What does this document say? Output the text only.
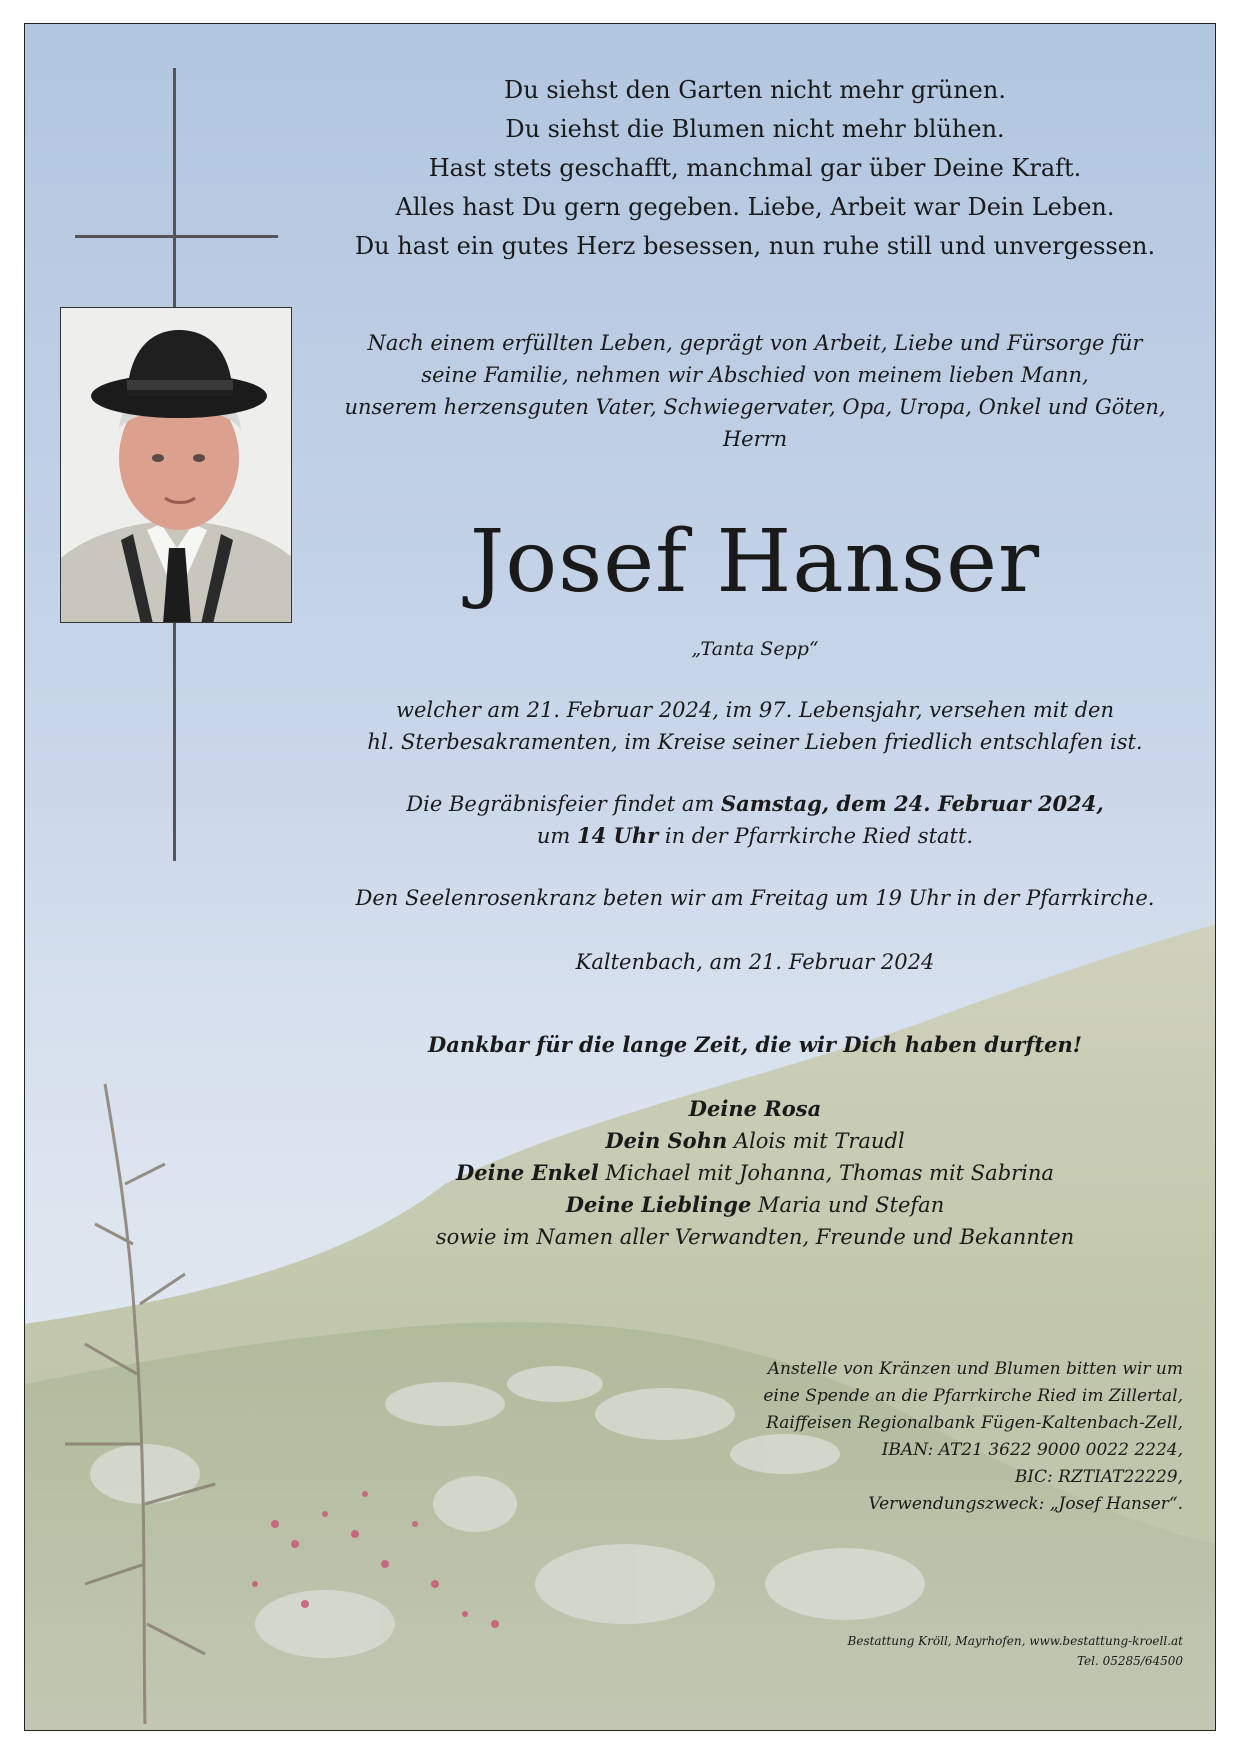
Du siehst den Garten nicht mehr grünen.
Du siehst die Blumen nicht mehr blühen.
Hast stets geschafft, manchmal gar über Deine Kraft.
Alles hast Du gern gegeben. Liebe, Arbeit war Dein Leben.
Du hast ein gutes Herz besessen, nun ruhe still und unvergessen.
Nach einem erfüllten Leben, geprägt von Arbeit, Liebe und Fürsorge für
seine Familie, nehmen wir Abschied von meinem lieben Mann,
unserem herzensguten Vater, Schwiegervater, Opa, Uropa, Onkel und Göten,
Herrn
Josef Hanser
„Tanta Sepp“
welcher am 21. Februar 2024, im 97. Lebensjahr, versehen mit den
hl. Sterbesakramenten, im Kreise seiner Lieben friedlich entschlafen ist.
Die Begräbnisfeier findet am Samstag, dem 24. Februar 2024,
um 14 Uhr in der Pfarrkirche Ried statt.
Den Seelenrosenkranz beten wir am Freitag um 19 Uhr in der Pfarrkirche.
Kaltenbach, am 21. Februar 2024
Dankbar für die lange Zeit, die wir Dich haben durften!
Deine Rosa
Dein Sohn Alois mit Traudl
Deine Enkel Michael mit Johanna, Thomas mit Sabrina
Deine Lieblinge Maria und Stefan
sowie im Namen aller Verwandten, Freunde und Bekannten
Anstelle von Kränzen und Blumen bitten wir um
eine Spende an die Pfarrkirche Ried im Zillertal,
Raiffeisen Regionalbank Fügen-Kaltenbach-Zell,
IBAN: AT21 3622 9000 0022 2224,
BIC: RZTIAT22229,
Verwendungszweck: „Josef Hanser“.
Bestattung Kröll, Mayrhofen, www.bestattung-kroell.at
Tel. 05285/64500
